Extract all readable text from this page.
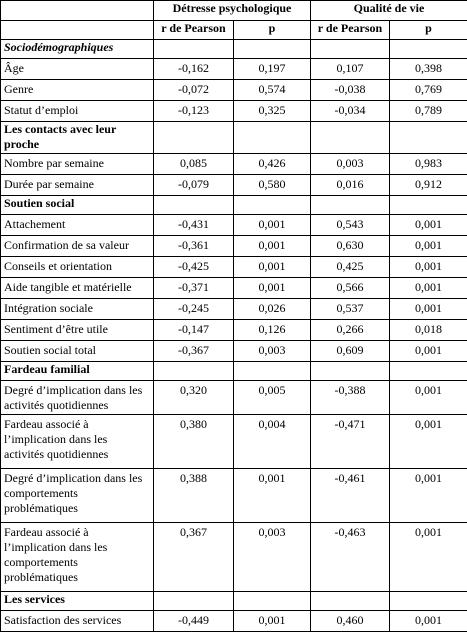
	Détresse psychologique		Qualité de vie	
	r de Pearson	p	r de Pearson	p
Sociodémographiques				
Âge	-0,162	0,197	0,107	0,398
Genre	-0,072	0,574	-0,038	0,769
Statut d’emploi	-0,123	0,325	-0,034	0,789
Les contacts avec leur proche				
Nombre par semaine	0,085	0,426	0,003	0,983
Durée par semaine	-0,079	0,580	0,016	0,912
Soutien social				
Attachement	-0,431	0,001	0,543	0,001
Confirmation de sa valeur	-0,361	0,001	0,630	0,001
Conseils et orientation	-0,425	0,001	0,425	0,001
Aide tangible et matérielle	-0,371	0,001	0,566	0,001
Intégration sociale	-0,245	0,026	0,537	0,001
Sentiment d’être utile	-0,147	0,126	0,266	0,018
Soutien social total	-0,367	0,003	0,609	0,001
Fardeau familial				
Degré d’implication dans les activités quotidiennes	0,320	0,005	-0,388	0,001
Fardeau associé à l’implication dans les activités quotidiennes	0,380	0,004	-0,471	0,001
Degré d’implication dans les comportements problématiques	0,388	0,001	-0,461	0,001
Fardeau associé à l’implication dans les comportements problématiques	0,367	0,003	-0,463	0,001
Les services				
Satisfaction des services	-0,449	0,001	0,460	0,001
